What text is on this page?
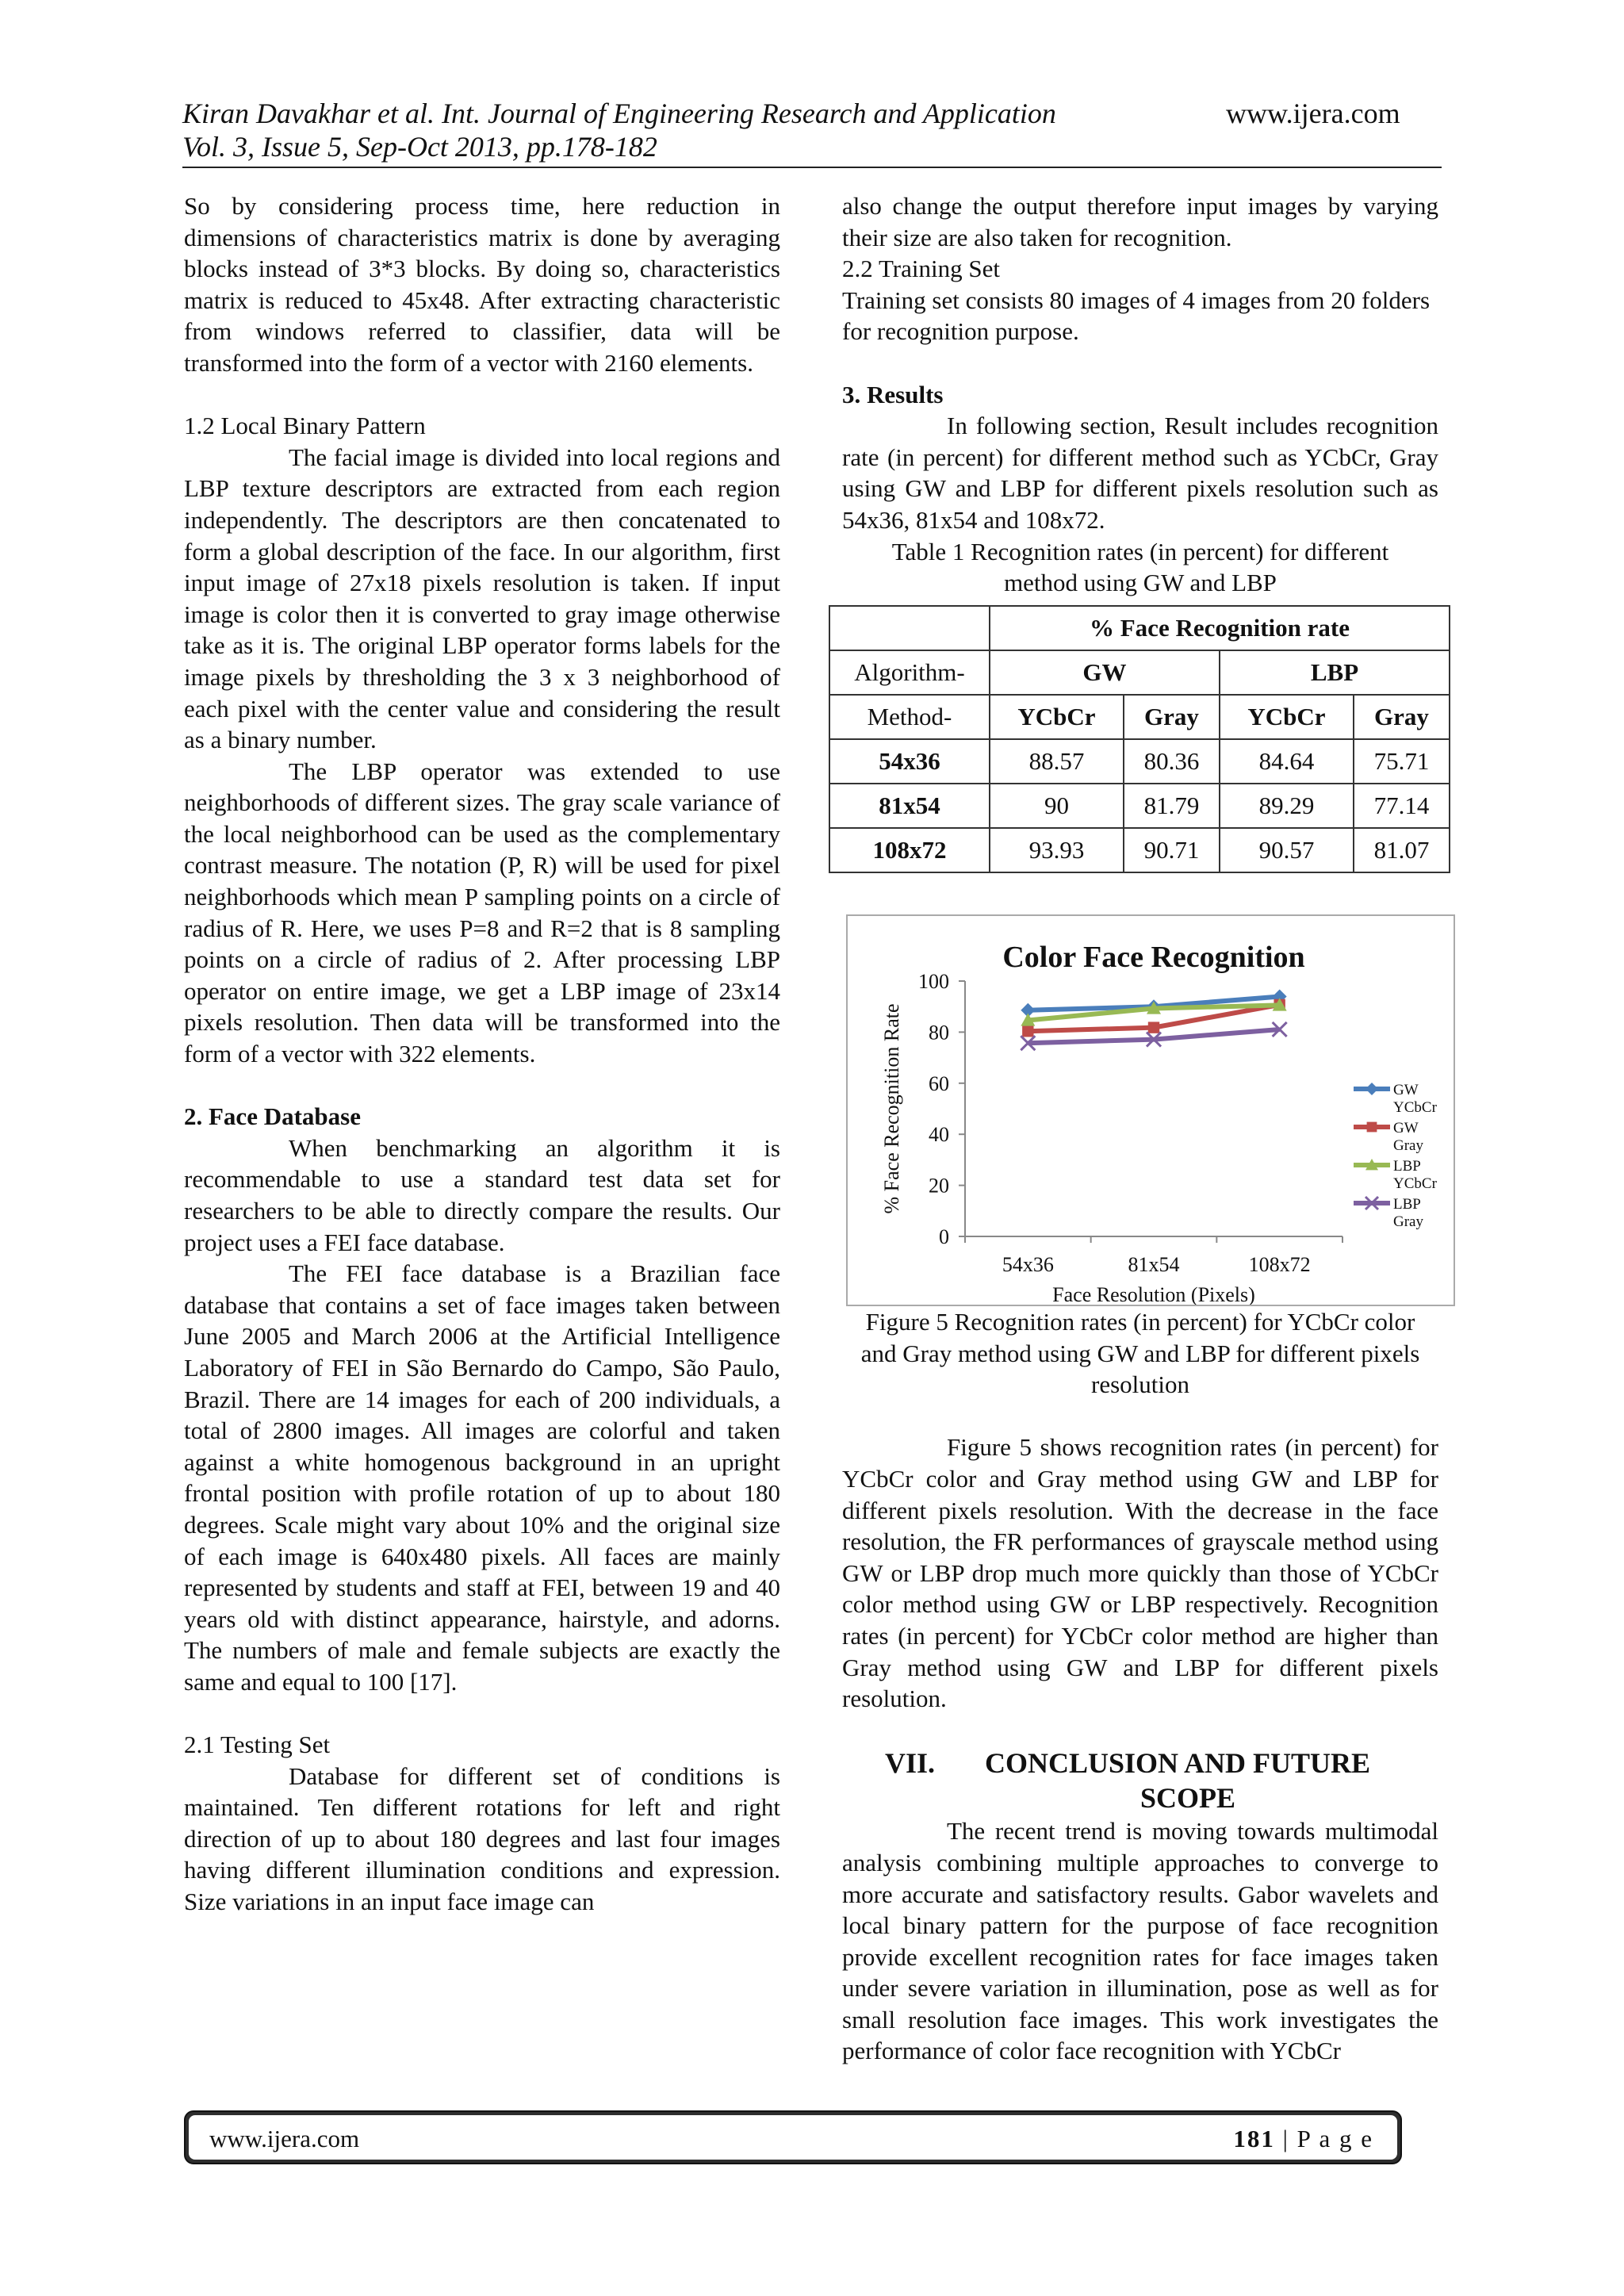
Kiran Davakhar et al. Int. Journal of Engineering Research and Application	www.ijera.com
Vol. 3, Issue 5, Sep-Oct 2013, pp.178-182

So by considering process time, here reduction in dimensions of characteristics matrix is done by averaging blocks instead of 3*3 blocks. By doing so, characteristics matrix is reduced to 45x48. After extracting characteristic from windows referred to classifier, data will be transformed into the form of a vector with 2160 elements.

1.2 Local Binary Pattern

The facial image is divided into local regions and LBP texture descriptors are extracted from each region independently. The descriptors are then concatenated to form a global description of the face. In our algorithm, first input image of 27x18 pixels resolution is taken. If input image is color then it is converted to gray image otherwise take as it is. The original LBP operator forms labels for the image pixels by thresholding the 3 x 3 neighborhood of each pixel with the center value and considering the result as a binary number.

The LBP operator was extended to use neighborhoods of different sizes. The gray scale variance of the local neighborhood can be used as the complementary contrast measure. The notation (P, R) will be used for pixel neighborhoods which mean P sampling points on a circle of radius of R. Here, we uses P=8 and R=2 that is 8 sampling points on a circle of radius of 2. After processing LBP operator on entire image, we get a LBP image of 23x14 pixels resolution. Then data will be transformed into the form of a vector with 322 elements.

2. Face Database

When benchmarking an algorithm it is recommendable to use a standard test data set for researchers to be able to directly compare the results. Our project uses a FEI face database.

The FEI face database is a Brazilian face database that contains a set of face images taken between June 2005 and March 2006 at the Artificial Intelligence Laboratory of FEI in São Bernardo do Campo, São Paulo, Brazil. There are 14 images for each of 200 individuals, a total of 2800 images. All images are colorful and taken against a white homogenous background in an upright frontal position with profile rotation of up to about 180 degrees. Scale might vary about 10% and the original size of each image is 640x480 pixels. All faces are mainly represented by students and staff at FEI, between 19 and 40 years old with distinct appearance, hairstyle, and adorns. The numbers of male and female subjects are exactly the same and equal to 100 [17].

2.1 Testing Set

Database for different set of conditions is maintained. Ten different rotations for left and right direction of up to about 180 degrees and last four images having different illumination conditions and expression. Size variations in an input face image can

also change the output therefore input images by varying their size are also taken for recognition.

2.2 Training Set

Training set consists 80 images of 4 images from 20 folders for recognition purpose.

3. Results

In following section, Result includes recognition rate (in percent) for different method such as YCbCr, Gray using GW and LBP for different pixels resolution such as 54x36, 81x54 and 108x72.

Table 1 Recognition rates (in percent) for different method using GW and LBP

	% Face Recognition rate			
Algorithm-	GW		LBP	
Method-	YCbCr	Gray	YCbCr	Gray
54x36	88.57	80.36	84.64	75.71
81x54	90	81.79	89.29	77.14
108x72	93.93	90.71	90.57	81.07
Color Face Recognition
0
20
40
60
80
100
54x36	81x54	108x72
Face Resolution (Pixels)
% Face Recognition Rate	GW
YCbCr
GW
Gray
LBP
YCbCr
LBP
Gray

Figure 5 Recognition rates (in percent) for YCbCr color and Gray method using GW and LBP for different pixels resolution

Figure 5 shows recognition rates (in percent) for YCbCr color and Gray method using GW and LBP for different pixels resolution. With the decrease in the face resolution, the FR performances of grayscale method using GW or LBP drop much more quickly than those of YCbCr color method using GW or LBP respectively. Recognition rates (in percent) for YCbCr color method are higher than Gray method using GW and LBP for different pixels resolution.

VII. CONCLUSION AND FUTURE
SCOPE

The recent trend is moving towards multimodal analysis combining multiple approaches to converge to more accurate and satisfactory results. Gabor wavelets and local binary pattern for the purpose of face recognition provide excellent recognition rates for face images taken under severe variation in illumination, pose as well as for small resolution face images. This work investigates the performance of color face recognition with YCbCr

www.ijera.com	181 | P a g e
